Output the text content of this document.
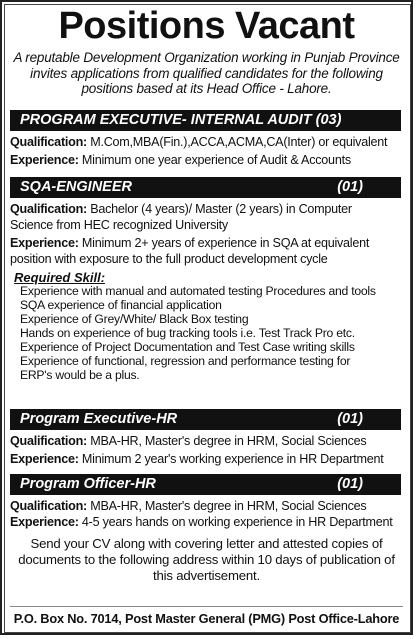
Positions Vacant
A reputable Development Organization working in Punjab Province invites applications from qualified candidates for the following positions based at its Head Office - Lahore.
PROGRAM EXECUTIVE- INTERNAL AUDIT (03)
Qualification: M.Com,MBA(Fin.),ACCA,ACMA,CA(Inter) or equivalent
Experience: Minimum one year experience of Audit & Accounts
SQA-ENGINEER	(01)
Qualification: Bachelor (4 years)/ Master (2 years) in Computer
Science from HEC recognized University
Experience: Minimum 2+ years of experience in SQA at equivalent
position with exposure to the full product development cycle
Required Skill:
Experience with manual and automated testing Procedures and tools
SQA experience of financial application
Experience of Grey/White/ Black Box testing
Hands on experience of bug tracking tools i.e. Test Track Pro etc.
Experience of Project Documentation and Test Case writing skills
Experience of functional, regression and performance testing for
ERP's would be a plus.
Program Executive-HR	(01)
Qualification: MBA-HR, Master's degree in HRM, Social Sciences
Experience: Minimum 2 year's working experience in HR Department
Program Officer-HR	(01)
Qualification: MBA-HR, Master's degree in HRM, Social Sciences
Experience: 4-5 years hands on working experience in HR Department
Send your CV along with covering letter and attested copies of documents to the following address within 10 days of publication of this advertisement.
P.O. Box No. 7014, Post Master General (PMG) Post Office-Lahore
